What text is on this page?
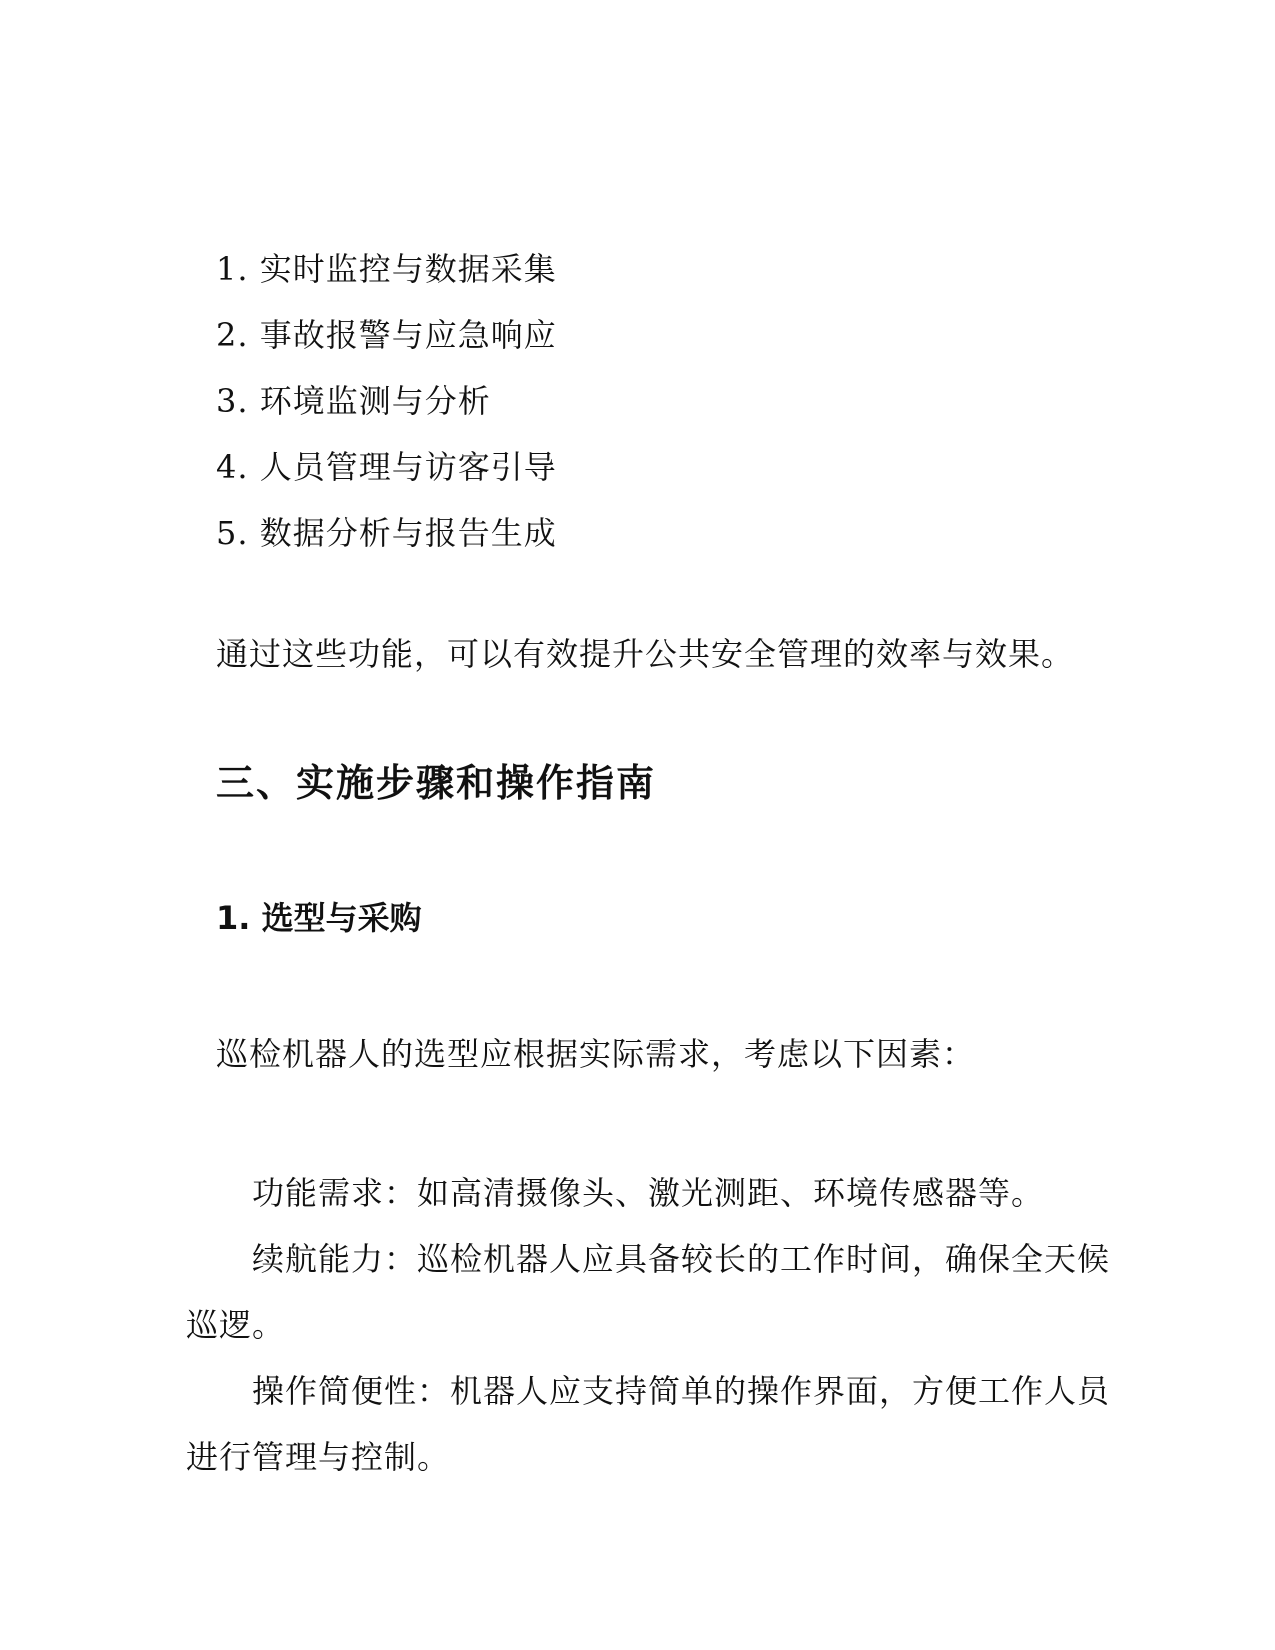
1. 实时监控与数据采集
2. 事故报警与应急响应
3. 环境监测与分析
4. 人员管理与访客引导
5. 数据分析与报告生成

通过这些功能，可以有效提升公共安全管理的效率与效果。

三、实施步骤和操作指南
1. 选型与采购

巡检机器人的选型应根据实际需求，考虑以下因素：

功能需求：如高清摄像头、激光测距、环境传感器等。

续航能力：巡检机器人应具备较长的工作时间，确保全天候巡逻。

操作简便性：机器人应支持简单的操作界面，方便工作人员进行管理与控制。
